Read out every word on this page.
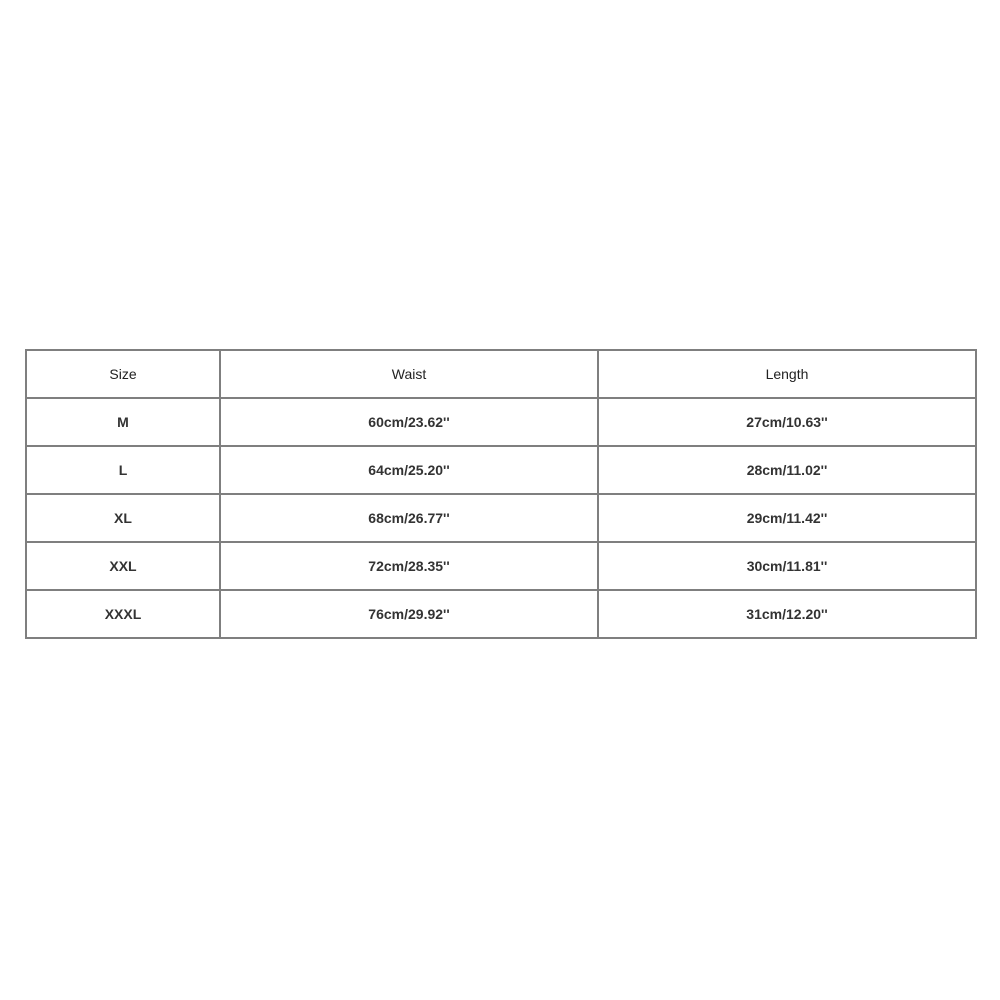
Size	Waist	Length
M	60cm/23.62''	27cm/10.63''
L	64cm/25.20''	28cm/11.02''
XL	68cm/26.77''	29cm/11.42''
XXL	72cm/28.35''	30cm/11.81''
XXXL	76cm/29.92''	31cm/12.20''
